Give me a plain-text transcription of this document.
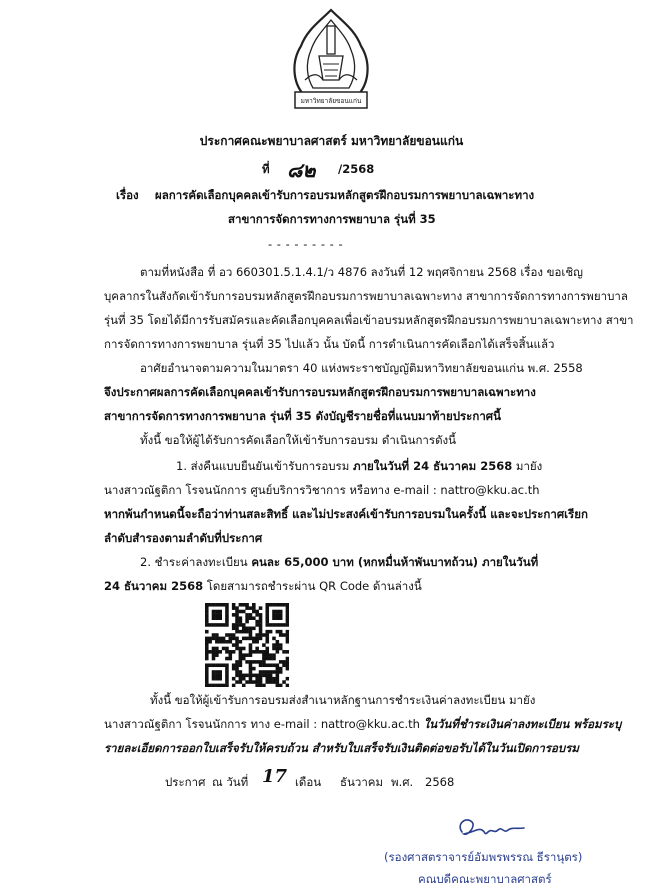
มหาวิทยาลัยขอนแก่น
ประกาศคณะพยาบาลศาสตร์ มหาวิทยาลัยขอนแก่น
ที่ ๘๒ /2568
เรื่อง ผลการคัดเลือกบุคคลเข้ารับการอบรมหลักสูตรฝึกอบรมการพยาบาลเฉพาะทาง
สาขาการจัดการทางการพยาบาล รุ่นที่ 35
- - - - - - - - -
ตามที่หนังสือ ที่ อว 660301.5.1.4.1/ว 4876 ลงวันที่ 12 พฤศจิกายน 2568 เรื่อง ขอเชิญ
บุคลากรในสังกัดเข้ารับการอบรมหลักสูตรฝึกอบรมการพยาบาลเฉพาะทาง สาขาการจัดการทางการพยาบาล
รุ่นที่ 35 โดยได้มีการรับสมัครและคัดเลือกบุคคลเพื่อเข้าอบรมหลักสูตรฝึกอบรมการพยาบาลเฉพาะทาง สาขา
การจัดการทางการพยาบาล รุ่นที่ 35 ไปแล้ว นั้น บัดนี้ การดำเนินการคัดเลือกได้เสร็จสิ้นแล้ว
อาศัยอำนาจตามความในมาตรา 40 แห่งพระราชบัญญัติมหาวิทยาลัยขอนแก่น พ.ศ. 2558
จึงประกาศผลการคัดเลือกบุคคลเข้ารับการอบรมหลักสูตรฝึกอบรมการพยาบาลเฉพาะทาง
สาขาการจัดการทางการพยาบาล รุ่นที่ 35 ดังบัญชีรายชื่อที่แนบมาท้ายประกาศนี้
ทั้งนี้ ขอให้ผู้ได้รับการคัดเลือกให้เข้ารับการอบรม ดำเนินการดังนี้
1. ส่งคืนแบบยืนยันเข้ารับการอบรม ภายในวันที่ 24 ธันวาคม 2568 มายัง
นางสาวณัฐติกา โรจนนักการ ศูนย์บริการวิชาการ หรือทาง e-mail : nattro@kku.ac.th
หากพ้นกำหนดนี้จะถือว่าท่านสละสิทธิ์ และไม่ประสงค์เข้ารับการอบรมในครั้งนี้ และจะประกาศเรียก
ลำดับสำรองตามลำดับที่ประกาศ
2. ชำระค่าลงทะเบียน คนละ 65,000 บาท (หกหมื่นห้าพันบาทถ้วน) ภายในวันที่
24 ธันวาคม 2568 โดยสามารถชำระผ่าน QR Code ด้านล่างนี้
ทั้งนี้ ขอให้ผู้เข้ารับการอบรมส่งสำเนาหลักฐานการชำระเงินค่าลงทะเบียน มายัง
นางสาวณัฐติกา โรจนนักการ ทาง e-mail : nattro@kku.ac.th ในวันที่ชำระเงินค่าลงทะเบียน พร้อมระบุ
รายละเอียดการออกใบเสร็จรับให้ครบถ้วน สำหรับใบเสร็จรับเงินติดต่อขอรับได้ในวันเปิดการอบรม
ประกาศ ณ วันที่ 17 เดือน ธันวาคม พ.ศ. 2568
(รองศาสตราจารย์อัมพรพรรณ ธีรานุตร)
คณบดีคณะพยาบาลศาสตร์
